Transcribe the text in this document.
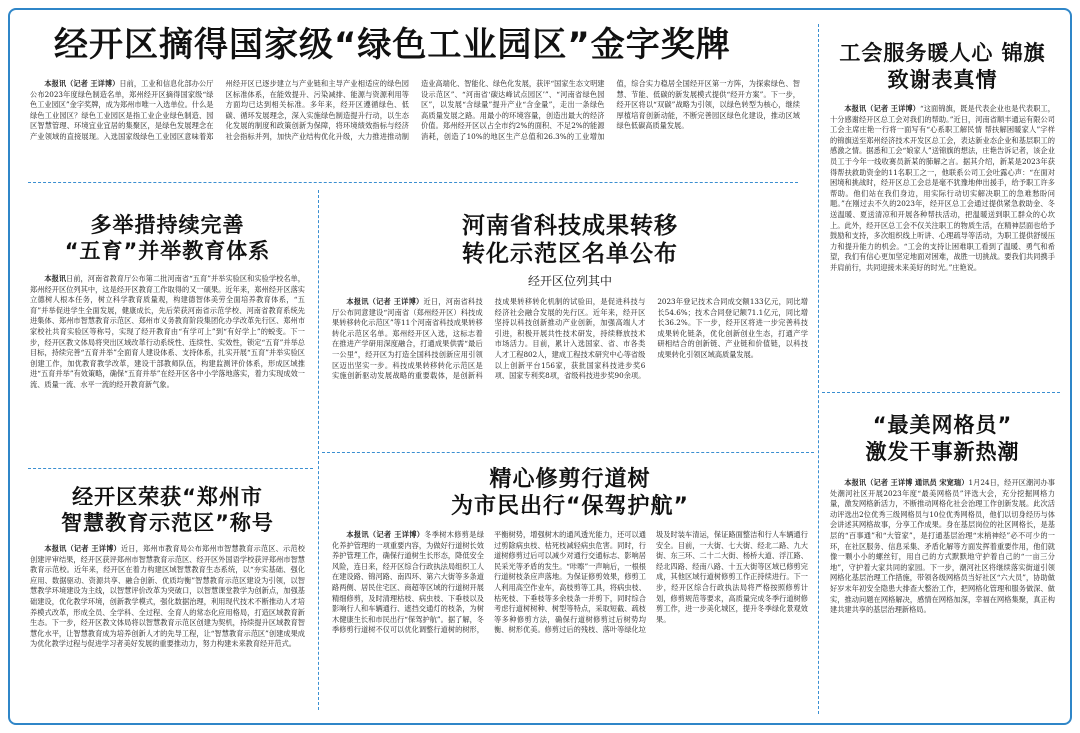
经开区摘得国家级“绿色工业园区”金字奖牌

本报讯（记者 王详博）日前，工业和信息化部办公厅公布2023年度绿色制造名单，郑州经开区摘得国家级“绿色工业园区”金字奖牌，成为郑州市唯一入选单位。什么是绿色工业园区？绿色工业园区是指工业企业绿色制造、园区智慧管理、环境宜业宜居的集聚区，是绿色发展理念在产业领域的直接展现。入选国家级绿色工业园区意味着郑州经开区已逐步建立与产业链和主导产业相适应的绿色园区标准体系，在能效提升、污染减排、能源与资源利用等方面均已达到相关标准。多年来，经开区遵循绿色、低碳、循环发展理念，深入实施绿色制造提升行动，以生态化发展的制度和政策创新为保障，将环境绩效指标与经济社会指标并列，加快产业结构优化升级，大力推进推动制造业高端化、智能化、绿色化发展，获评“国家生态文明建设示范区”、“河南省‘碳达峰试点园区’”、“河南省绿色园区”，以发展“含绿量”提升产业“含金量”，走出一条绿色高质量发展之路。用最小的环境容量，创造出最大的经济价值。郑州经开区以占全市约2%的面积、不足2%的能源消耗，创造了10%的地区生产总值和26.3%的工业增加值，综合实力稳居全国经开区第一方阵，为探索绿色、智慧、节能、低碳的新发展模式提供“经开方案”。下一步，经开区将以“双碳”战略为引领，以绿色转型为核心，继续厚植培育创新动能，不断完善园区绿色化建设，推动区域绿色低碳高质量发展。

工会服务暖人心 锦旗致谢表真情

本报讯（记者 王详博）“这面锦旗，既是代表企业也是代表职工，十分感谢经开区总工会对我们的帮助。”近日，河南省顺丰通运有限公司工会主席庄艳一行将一面写有“心系职工解民情 帮扶解困暖家人”字样的锦旗送至郑州经济技术开发区总工会，表达新业态企业和基层职工的感激之情。据悉和工会“娘家人”送锦旗的想法，庄艳告诉记者，该企业员工于今年一线收赛员新某的肺解之言。据其介绍，新某是2023年获得帮扶救助资金的11名职工之一，他联系公司工会吐露心声：“在面对困境和挑战时，经开区总工会总是毫不犹豫地伸出援手，给予职工许多帮助。他们站在我们身边，用实际行动切实解决职工的急难愁盼问题。”在刚过去不久的2023年，经开区总工会通过提供紧急救助金、冬送温暖、夏送清凉和开展各种帮扶活动，把温暖送到职工群众的心坎上。此外，经开区总工会不仅关注职工的物质生活，在精神层面也给予鼓励和支持，多次组织线上听讲、心理疏导等活动，为职工提供舒缓压力和提升能力的机会。“工会的支持让困难职工看到了温暖、勇气和希望，我们有信心更加坚定地面对困难，战胜一切挑战。要我们共同携手并肩前行，共同迎接未来美好的时光。”庄艳说。

“最美网格员”
激发干事新热潮

本报讯（记者 王详博 通讯员 宋宽瑞）1月24日，经开区潮河办事处潮河社区开展2023年度“最美网格员”评选大会，充分挖掘网格力量，激发网格新活力，不断推动网格化社会治理工作创新发展。此次活动评选出2位优秀三级网格员与10位优秀网格员，他们以切身经历与体会讲述其网格故事，分享工作成果。身在基层岗位的社区网格长，是基层的“百事通”和“大管家”，是打通基层治理“末梢神经”必不可少的一环，在社区服务、信息采集、矛盾化解等方面发挥着重要作用，他们就像一颗小小的螺丝钉，用自己的方式默默地守护着自己的“一亩三分地”，守护着大家共同的家园。下一步，潮河社区将继续落实街道引领网格化基层治理工作措施，带领各级网格员当好社区“六大员”，协助做好岁末年初安全隐患大排查大整治工作，把网格化管理和服务做深、做实，推动问题在网格解决，感情在网格加深，幸福在网格集聚，真正构建共建共享的基层治理新格局。

多举措持续完善
“五育”并举教育体系

本报讯日前，河南省教育厅公布第二批河南省“五育”并举实验区和实验学校名单，郑州经开区位列其中，这是经开区教育工作取得的又一硕果。近年来，郑州经开区落实立德树人根本任务，树立科学教育质量观，构建德智体美劳全面培养教育体系，“五育”并举促进学生全面发展，健康成长，先后荣获河南省示范学校、河南省教育系统先进集体、郑州市智慧教育示范区、郑州市义务教育阶段集团化办学改革先行区、郑州市家校社共育实验区等称号，实现了经开教育由“有学可上”到“有好学上”的蜕变。下一步，经开区教文体局将突出区域改革行动系统性、连续性、实效性，锁定“五育”并举总目标，持续完善“五育并举”全面育人建设体系、支持体系，扎实开展“五育”并举实验区创建工作，加优教育教学改革，建设干部教师队伍，构建监测评价体系，形成区域推进“五育并举”有效策略，确保“五育并举”在经开区各中小学落地落实，着力实现成效一流、质量一流、水平一流的经开教育新气象。

河南省科技成果转移
转化示范区名单公布
经开区位列其中

本报讯（记者 王详博）近日，河南省科技厅公布同意建设“河南省（郑州经开区）科技成果转移转化示范区”等11个河南省科技成果转移转化示范区名单。郑州经开区入选，这标志着在推进产学研用深度融合，打通成果供需“最后一公里”，经开区为打造全国科技创新应用引领区迈出坚实一步。科技成果转移转化示范区是实施创新驱动发展战略的重要载体，是创新科技成果转移转化机制的试验田，是促进科技与经济社会融合发展的先行区。近年来，经开区坚持以科技创新推动产业创新，加强高端人才引进，积极开展共性技术研发，持续释放技术市场活力。目前，累计入选国家、省、市各类人才工程802人，建成工程技术研究中心等省级以上创新平台156家，获批国家科技进步奖6项、国家专利奖8项，省级科技进步奖90余项。2023年登记技术合同成交额133亿元，同比增长54.6%；技术合同登记额71.1亿元，同比增长36.2%。下一步，经开区将进一步完善科技成果转化链条，优化创新创业生态，打通产学研相结合的创新链、产业链和价值链，以科技成果转化引领区域高质量发展。

经开区荣获“郑州市
智慧教育示范区”称号

本报讯（记者 王详博）近日，郑州市教育局公布郑州市智慧教育示范区、示范校创建评审结果，经开区获评郑州市智慧教育示范区、经开区外国语学校获评郑州市智慧教育示范校。近年来，经开区在着力构建区域智慧教育生态系统，以“夯实基础、强化应用、数据驱动、资源共享、融合创新、优质均衡”智慧教育示范区建设为引领，以智慧教学环境建设为主线，以智慧评价改革为突破口，以智慧课堂教学为创新点，加强基础建设，优化教学环境，创新教学模式，强化数据治理，利用现代技术不断推动人才培养模式改革，形成全员、全学科、全过程、全育人的常态化应用格局，打造区域教育新生态。下一步，经开区教文体局将以智慧教育示范区创建为契机，持续提升区域教育智慧化水平，让智慧教育成为培养创新人才的先导工程，让“智慧教育示范区”创建成果成为优化教学过程与促进学习者美好发展的重要推动力，努力构建未来教育经开范式。

精心修剪行道树
为市民出行“保驾护航”

本报讯（记者 王详博）冬季树木修剪是绿化养护管理的一项重要内容，为做好行道树长效养护管理工作，确保行道树生长形态，降低安全风险，连日来，经开区综合行政执法局组织工人在建设路、锦河路、南四环、第六大街等多条道路两侧、居民住宅区、商超等区域的行道树开展精细修剪，及时清理枯枝、病虫枝、下垂枝以及影响行人和车辆通行、遮挡交通灯的枝条，为树木健康生长和市民出行“保驾护航”。据了解，冬季修剪行道树不仅可以优化调整行道树的树形，平衡树势，增强树木的通风透光能力，还可以通过剪除病虫枝、枯死枝减轻病虫危害。同时，行道树修剪过后可以减少对通行交通标志、影响居民采光等矛盾的发生。“咔嚓”一声响后，一根根行道树枝条应声落地。为保证修剪效果，修剪工人利用高空作业车，高枝剪等工具，将病虫枝、枯死枝、下垂枝等多余枝条一并剪下，同时综合考虑行道树树种、树型等特点，采取短截、疏枝等多种修剪方法，确保行道树修剪过后树势均衡、树形优美。修剪过后的残枝、落叶等绿化垃圾及时装车清运，保证路面整洁和行人车辆通行安全。目前，一大街、七大街、经北二路、九大街、东三环、二十二大街、杨桥大道、浮江路、经北四路、经南八路、十五大街等区域已修剪完成，其他区域行道树修剪工作正持续进行。下一步，经开区综合行政执法局将严格按照修剪计划，修剪规范等要求，高质量完成冬季行道树修剪工作，进一步美化城区，提升冬季绿化景观效果。
